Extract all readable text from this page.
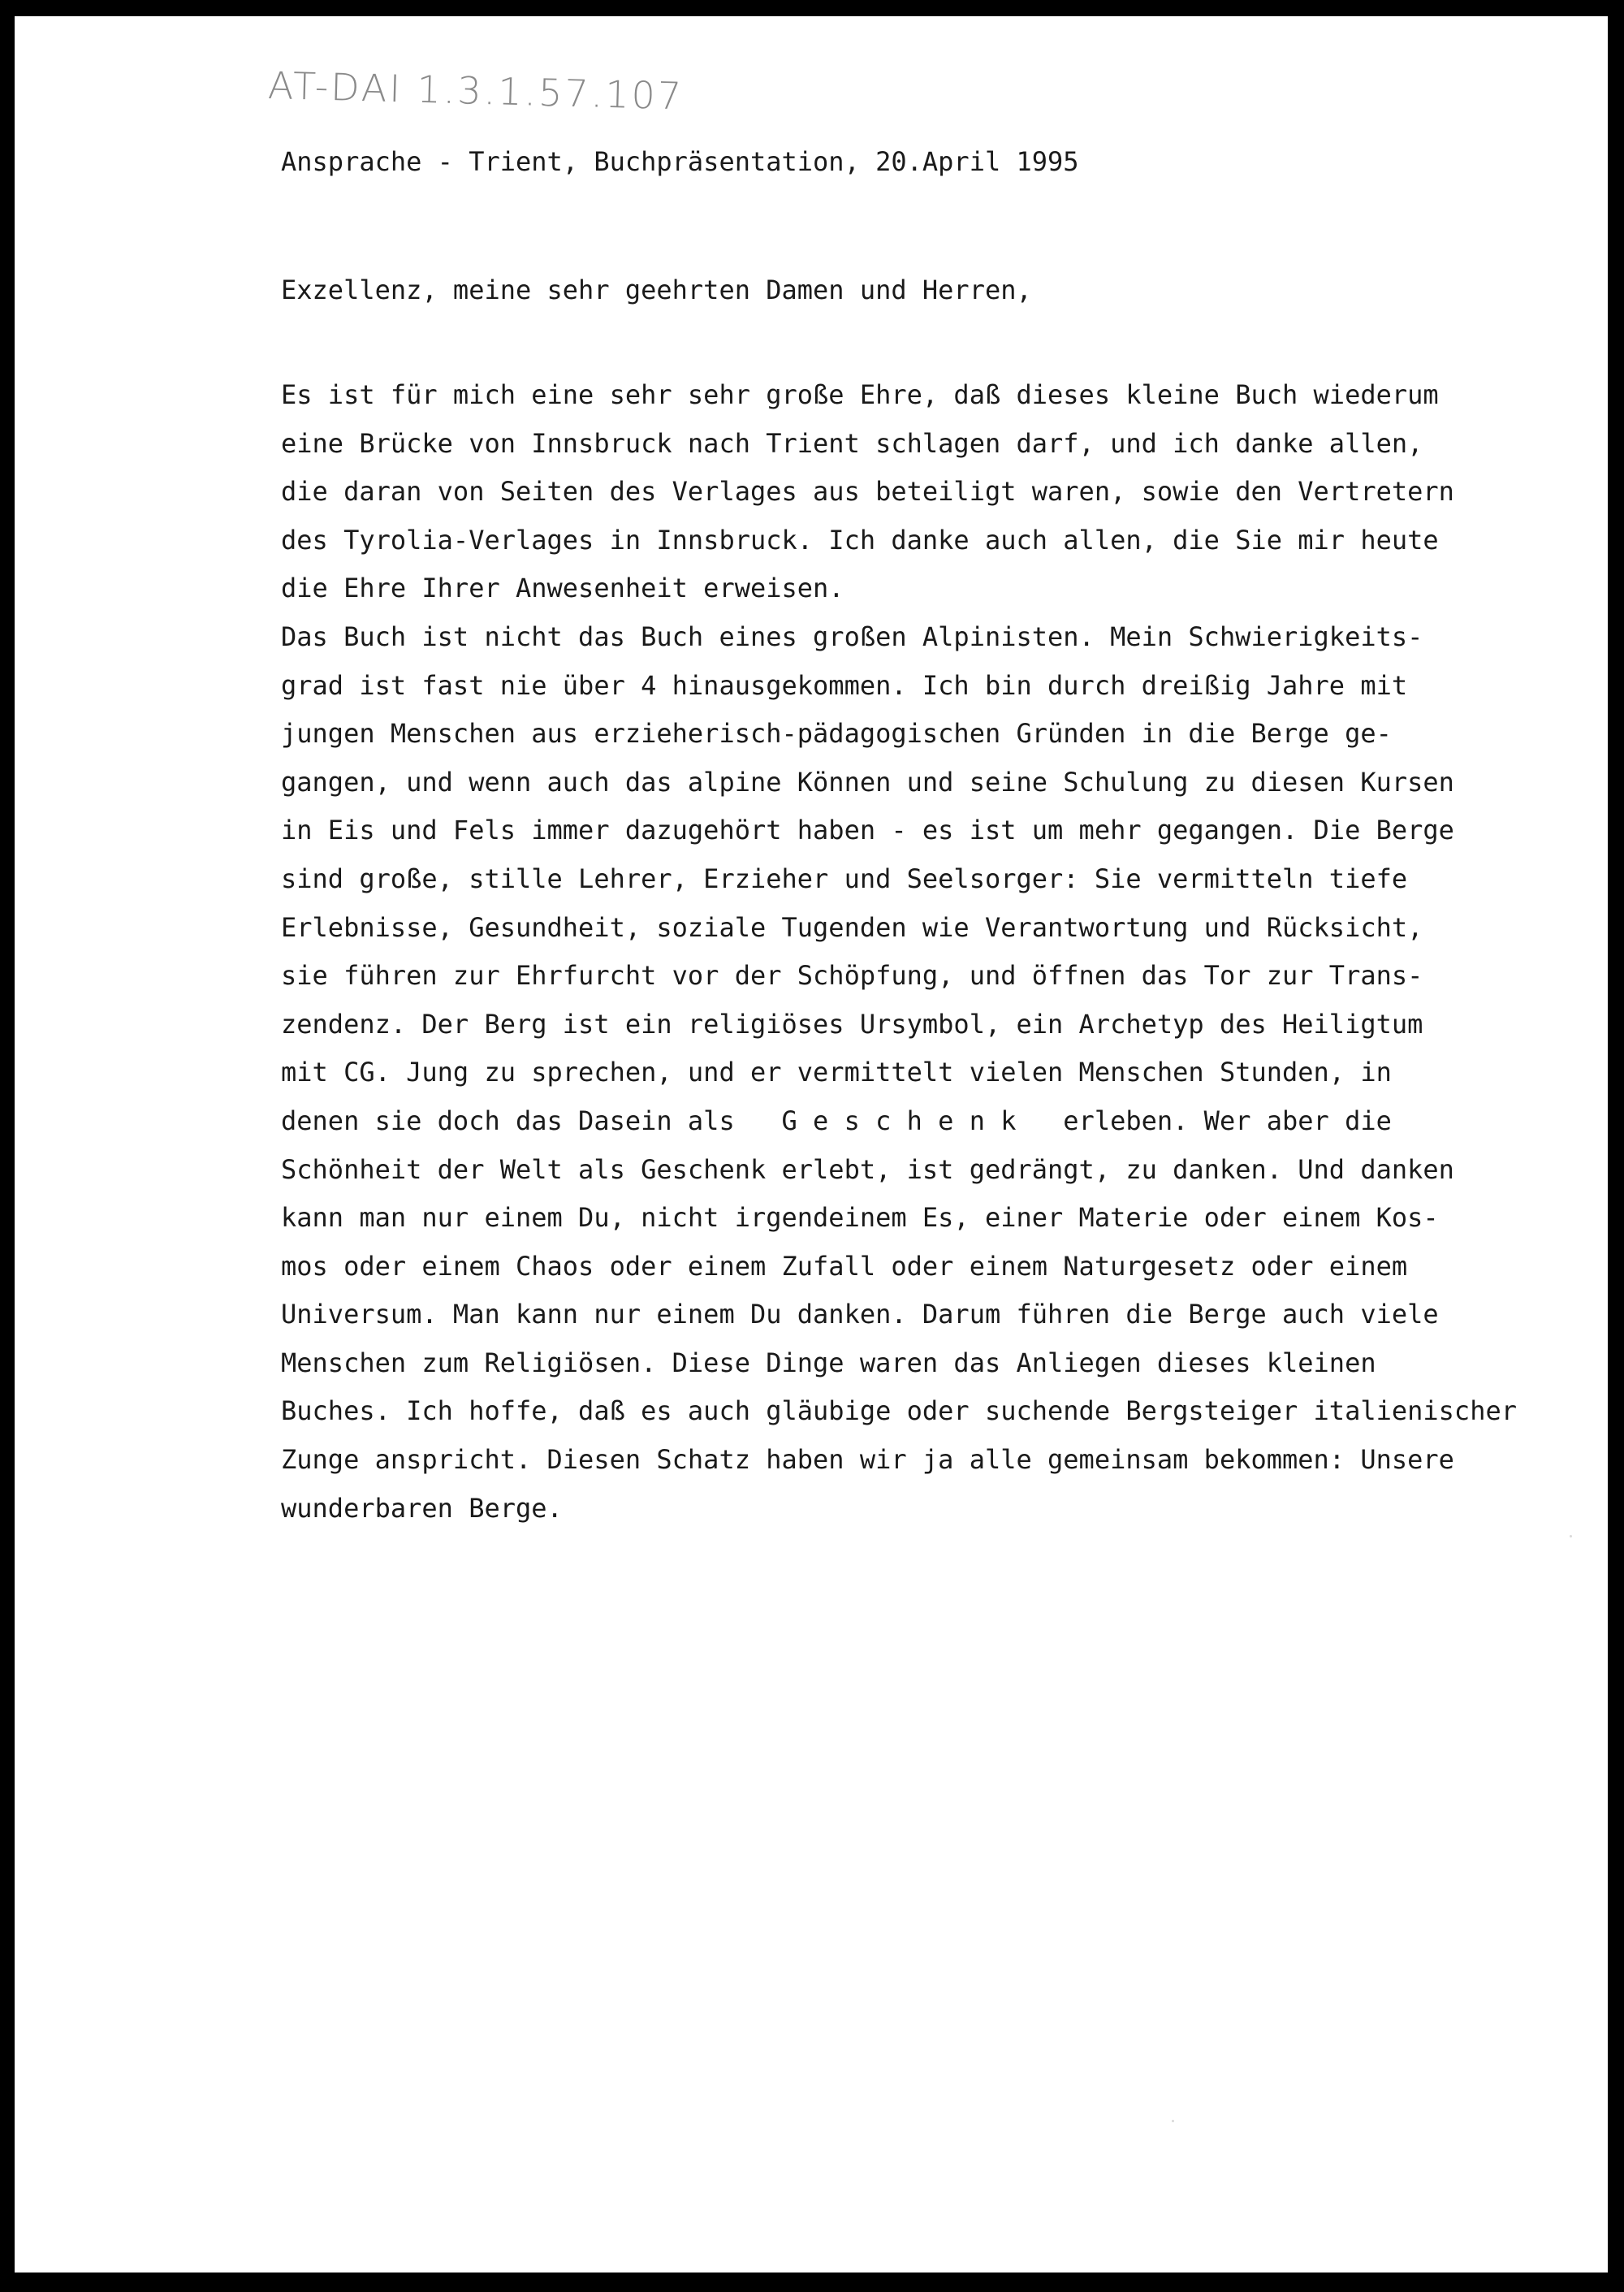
AT-DAI 1.3.1.57.107

Ansprache - Trient, Buchpräsentation, 20.April 1995

Exzellenz, meine sehr geehrten Damen und Herren,

Es ist für mich eine sehr sehr große Ehre, daß dieses kleine Buch wiederum
eine Brücke von Innsbruck nach Trient schlagen darf, und ich danke allen,
die daran von Seiten des Verlages aus beteiligt waren, sowie den Vertretern
des Tyrolia-Verlages in Innsbruck. Ich danke auch allen, die Sie mir heute
die Ehre Ihrer Anwesenheit erweisen.
Das Buch ist nicht das Buch eines großen Alpinisten. Mein Schwierigkeits-
grad ist fast nie über 4 hinausgekommen. Ich bin durch dreißig Jahre mit
jungen Menschen aus erzieherisch-pädagogischen Gründen in die Berge ge-
gangen, und wenn auch das alpine Können und seine Schulung zu diesen Kursen
in Eis und Fels immer dazugehört haben - es ist um mehr gegangen. Die Berge
sind große, stille Lehrer, Erzieher und Seelsorger: Sie vermitteln tiefe
Erlebnisse, Gesundheit, soziale Tugenden wie Verantwortung und Rücksicht,
sie führen zur Ehrfurcht vor der Schöpfung, und öffnen das Tor zur Trans-
zendenz. Der Berg ist ein religiöses Ursymbol, ein Archetyp des Heiligtum
mit CG. Jung zu sprechen, und er vermittelt vielen Menschen Stunden, in
denen sie doch das Dasein als   G e s c h e n k   erleben. Wer aber die
Schönheit der Welt als Geschenk erlebt, ist gedrängt, zu danken. Und danken
kann man nur einem Du, nicht irgendeinem Es, einer Materie oder einem Kos-
mos oder einem Chaos oder einem Zufall oder einem Naturgesetz oder einem
Universum. Man kann nur einem Du danken. Darum führen die Berge auch viele
Menschen zum Religiösen. Diese Dinge waren das Anliegen dieses kleinen
Buches. Ich hoffe, daß es auch gläubige oder suchende Bergsteiger italienischer
Zunge anspricht. Diesen Schatz haben wir ja alle gemeinsam bekommen: Unsere
wunderbaren Berge.
